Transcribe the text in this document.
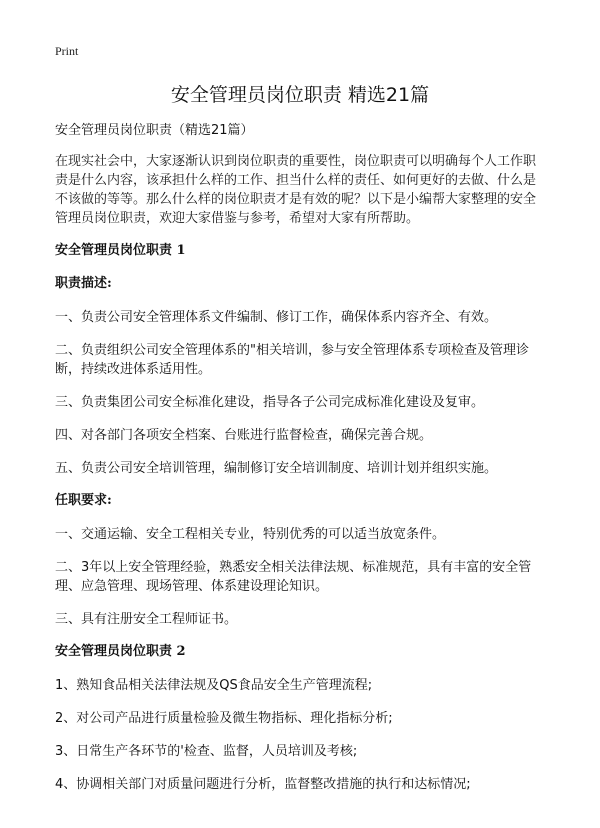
Print
安全管理员岗位职责 精选21篇
安全管理员岗位职责（精选21篇）
在现实社会中，大家逐渐认识到岗位职责的重要性，岗位职责可以明确每个人工作职责是什么内容，该承担什么样的工作、担当什么样的责任、如何更好的去做、什么是不该做的等等。那么什么样的岗位职责才是有效的呢？以下是小编帮大家整理的安全管理员岗位职责，欢迎大家借鉴与参考，希望对大家有所帮助。
安全管理员岗位职责 1
职责描述:
一、负责公司安全管理体系文件编制、修订工作，确保体系内容齐全、有效。
二、负责组织公司安全管理体系的"相关培训，参与安全管理体系专项检查及管理诊断，持续改进体系适用性。
三、负责集团公司安全标准化建设，指导各子公司完成标准化建设及复审。
四、对各部门各项安全档案、台账进行监督检查，确保完善合规。
五、负责公司安全培训管理，编制修订安全培训制度、培训计划并组织实施。
任职要求:
一、交通运输、安全工程相关专业，特别优秀的可以适当放宽条件。
二、3年以上安全管理经验，熟悉安全相关法律法规、标准规范，具有丰富的安全管理、应急管理、现场管理、体系建设理论知识。
三、具有注册安全工程师证书。
安全管理员岗位职责 2
1、熟知食品相关法律法规及QS食品安全生产管理流程;
2、对公司产品进行质量检验及微生物指标、理化指标分析;
3、日常生产各环节的'检查、监督，人员培训及考核;
4、协调相关部门对质量问题进行分析，监督整改措施的执行和达标情况;
